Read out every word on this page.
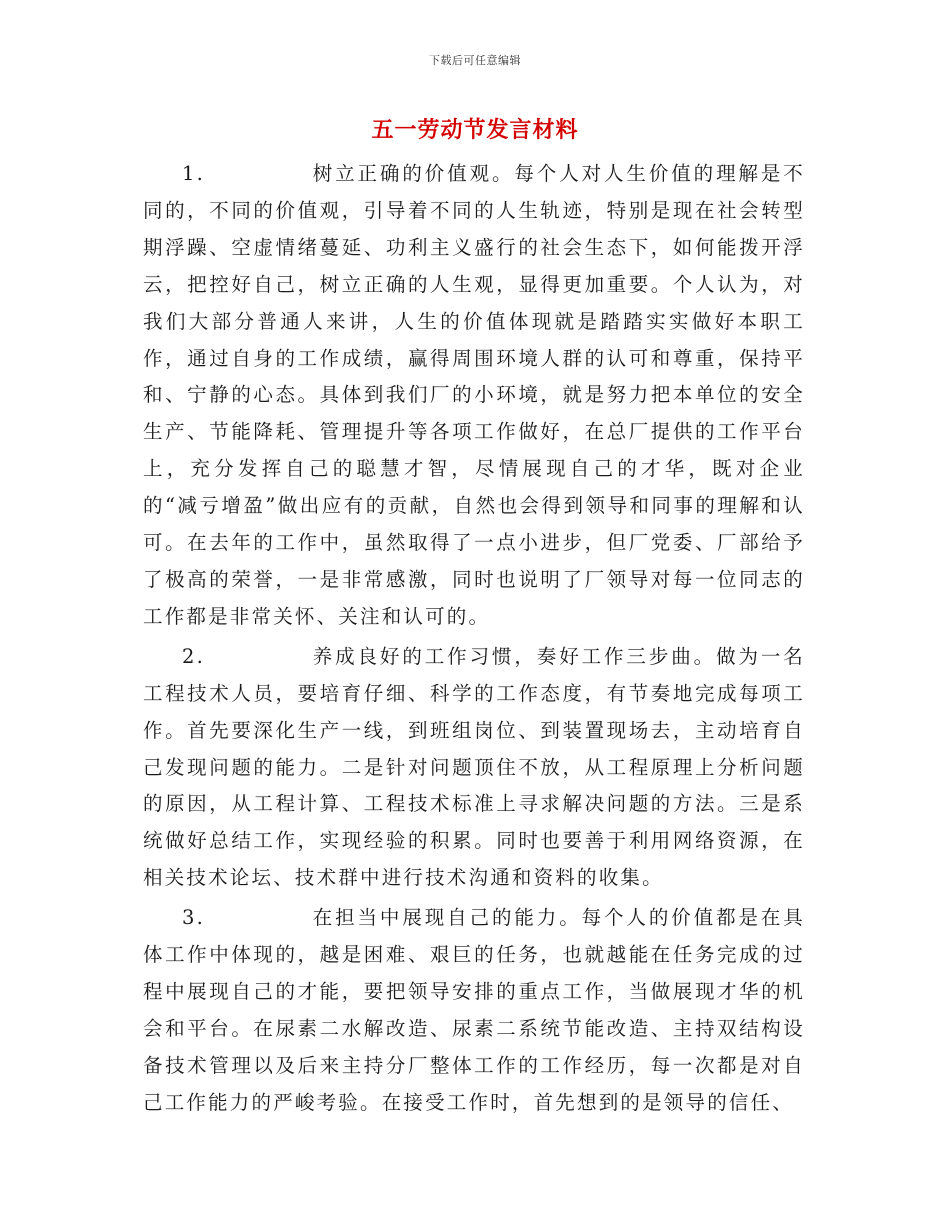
下载后可任意编辑
五一劳动节发言材料

1.	树立正确的价值观。每个人对人生价值的理解是不同的，不同的价值观，引导着不同的人生轨迹，特别是现在社会转型期浮躁、空虚情绪蔓延、功利主义盛行的社会生态下，如何能拨开浮云，把控好自己，树立正确的人生观，显得更加重要。个人认为，对我们大部分普通人来讲，人生的价值体现就是踏踏实实做好本职工作，通过自身的工作成绩，赢得周围环境人群的认可和尊重，保持平和、宁静的心态。具体到我们厂的小环境，就是努力把本单位的安全生产、节能降耗、管理提升等各项工作做好，在总厂提供的工作平台上，充分发挥自己的聪慧才智，尽情展现自己的才华，既对企业的“减亏增盈”做出应有的贡献，自然也会得到领导和同事的理解和认可。在去年的工作中，虽然取得了一点小进步，但厂党委、厂部给予了极高的荣誉，一是非常感激，同时也说明了厂领导对每一位同志的工作都是非常关怀、关注和认可的。

2.	养成良好的工作习惯，奏好工作三步曲。做为一名工程技术人员，要培育仔细、科学的工作态度，有节奏地完成每项工作。首先要深化生产一线，到班组岗位、到装置现场去，主动培育自己发现问题的能力。二是针对问题顶住不放，从工程原理上分析问题的原因，从工程计算、工程技术标准上寻求解决问题的方法。三是系统做好总结工作，实现经验的积累。同时也要善于利用网络资源，在相关技术论坛、技术群中进行技术沟通和资料的收集。

3.	在担当中展现自己的能力。每个人的价值都是在具体工作中体现的，越是困难、艰巨的任务，也就越能在任务完成的过程中展现自己的才能，要把领导安排的重点工作，当做展现才华的机会和平台。在尿素二水解改造、尿素二系统节能改造、主持双结构设备技术管理以及后来主持分厂整体工作的工作经历，每一次都是对自己工作能力的严峻考验。在接受工作时，首先想到的是领导的信任、
